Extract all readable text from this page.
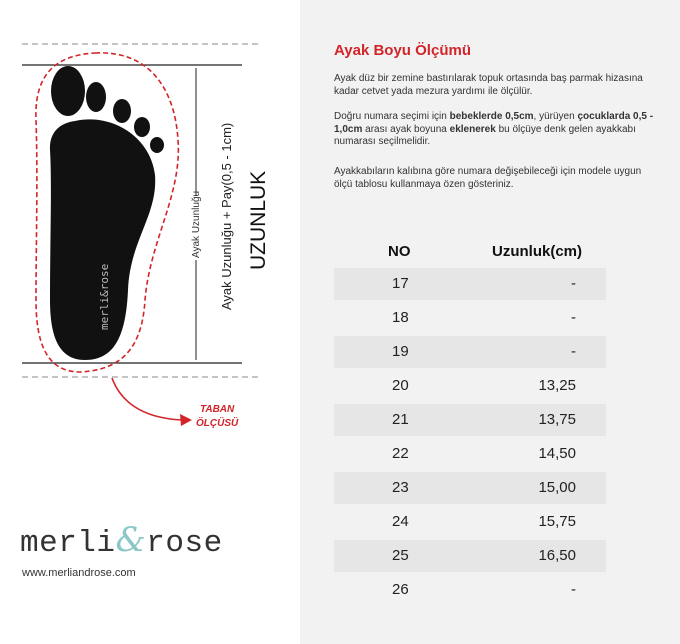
merli&rose
Ayak Uzunluğu Ayak Uzunluğu + Pay(0,5 - 1cm) UZUNLUK
TABAN
ÖLÇÜSÜ
merli&rose
www.merliandrose.com
Ayak Boyu Ölçümü

Ayak düz bir zemine bastırılarak topuk ortasında baş parmak hizasına kadar cetvet yada mezura yardımı ile ölçülür.

Doğru numara seçimi için bebeklerde 0,5cm, yürüyen çocuklarda 0,5 - 1,0cm arası ayak boyuna eklenerek bu ölçüye denk gelen ayakkabı numarası seçilmelidir.

Ayakkabıların kalıbına göre numara değişebileceği için modele uygun ölçü tablosu kullanmaya özen gösteriniz.

NO	Uzunluk(cm)
17	-
18	-
19	-
20	13,25
21	13,75
22	14,50
23	15,00
24	15,75
25	16,50
26	-
